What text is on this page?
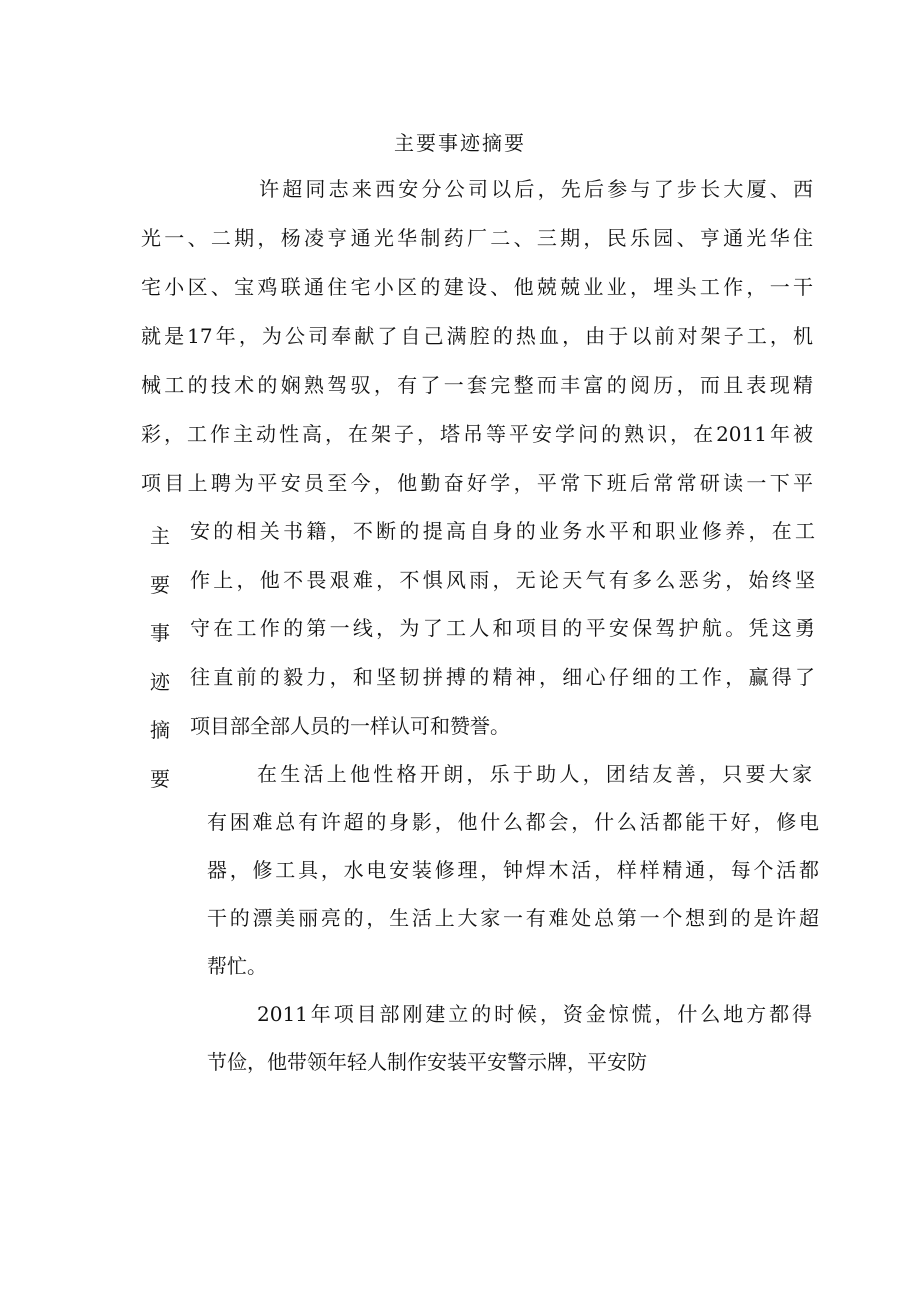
主要事迹摘要
许超同志来西安分公司以后，先后参与了步长大厦、西
光一、二期，杨凌亨通光华制药厂二、三期，民乐园、亨通光华住
宅小区、宝鸡联通住宅小区的建设、他兢兢业业，埋头工作，一干
就是17年，为公司奉献了自己满腔的热血，由于以前对架子工，机
械工的技术的娴熟驾驭，有了一套完整而丰富的阅历，而且表现精
彩，工作主动性高，在架子，塔吊等平安学问的熟识，在2011年被
项目上聘为平安员至今，他勤奋好学，平常下班后常常研读一下平
主
要
事
迹
摘
要
安的相关书籍，不断的提高自身的业务水平和职业修养，在工
作上，他不畏艰难，不惧风雨，无论天气有多么恶劣，始终坚
守在工作的第一线，为了工人和项目的平安保驾护航。凭这勇
往直前的毅力，和坚韧拼搏的精神，细心仔细的工作，赢得了
项目部全部人员的一样认可和赞誉。
在生活上他性格开朗，乐于助人，团结友善，只要大家
有困难总有许超的身影，他什么都会，什么活都能干好，修电
器，修工具，水电安装修理，钟焊木活，样样精通，每个活都
干的漂美丽亮的，生活上大家一有难处总第一个想到的是许超
帮忙。
2011年项目部刚建立的时候，资金惊慌，什么地方都得
节俭，他带领年轻人制作安装平安警示牌，平安防
